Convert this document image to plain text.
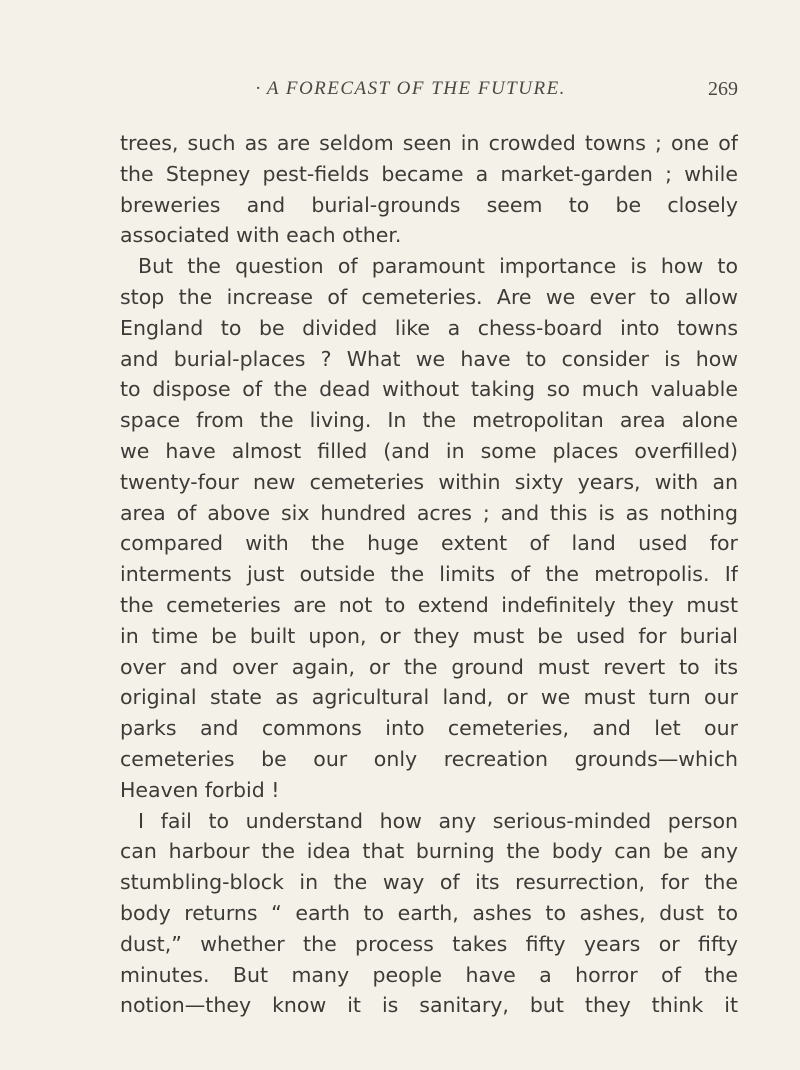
· A FORECAST OF THE FUTURE.	269
trees, such as are seldom seen in crowded towns ; one of
the Stepney pest-fields became a market-garden ; while
breweries and burial-grounds seem to be closely
associated with each other.
But the question of paramount importance is how to
stop the increase of cemeteries. Are we ever to allow
England to be divided like a chess-board into towns
and burial-places ? What we have to consider is how
to dispose of the dead without taking so much valuable
space from the living. In the metropolitan area alone
we have almost filled (and in some places overfilled)
twenty-four new cemeteries within sixty years, with an
area of above six hundred acres ; and this is as nothing
compared with the huge extent of land used for
interments just outside the limits of the metropolis. If
the cemeteries are not to extend indefinitely they must
in time be built upon, or they must be used for burial
over and over again, or the ground must revert to its
original state as agricultural land, or we must turn our
parks and commons into cemeteries, and let our
cemeteries be our only recreation grounds—which
Heaven forbid !
I fail to understand how any serious-minded person
can harbour the idea that burning the body can be any
stumbling-block in the way of its resurrection, for the
body returns “ earth to earth, ashes to ashes, dust to
dust,” whether the process takes fifty years or fifty
minutes. But many people have a horror of the
notion—they know it is sanitary, but they think it
